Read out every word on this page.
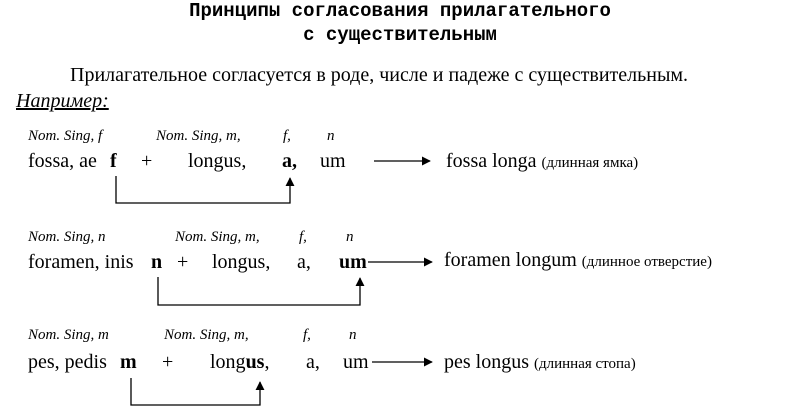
Принципы согласования прилагательного
с существительным
Прилагательное согласуется в роде, числе и падеже с существительным.
Например:
Nom. Sing, f	Nom. Sing, m,	f, n
fossa, ae f + longus, a, um	fossa longa (длинная ямка)
Nom. Sing, n	Nom. Sing, m,	f,	n
foramen, inis n + longus, a, um	foramen longum (длинное отверстие)
Nom. Sing, m	Nom. Sing, m,	f,	n
pes, pedis m + longus, a, um	pes longus (длинная стопа)
